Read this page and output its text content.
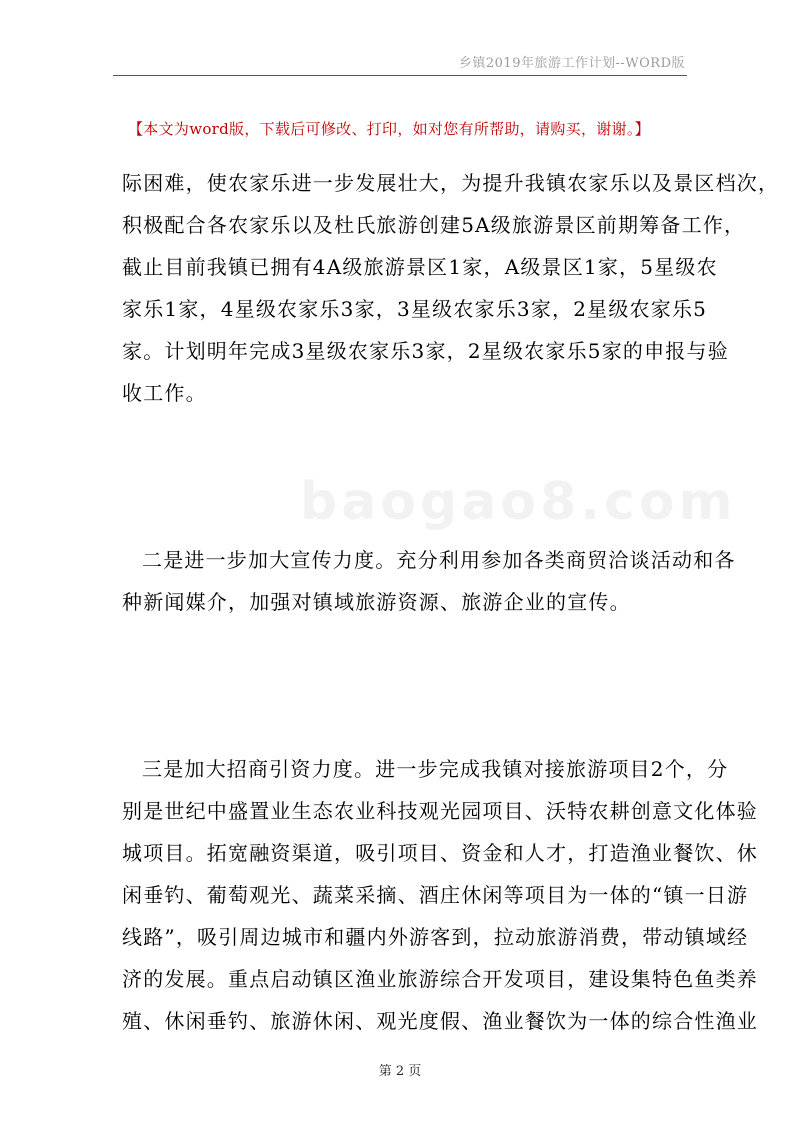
乡镇2019年旅游工作计划--WORD版
【本文为word版，下载后可修改、打印，如对您有所帮助，请购买，谢谢。】
baogao8.com
际困难，使农家乐进一步发展壮大，为提升我镇农家乐以及景区档次，
积极配合各农家乐以及杜氏旅游创建5A级旅游景区前期筹备工作，
截止目前我镇已拥有4A级旅游景区1家，A级景区1家，5星级农
家乐1家，4星级农家乐3家，3星级农家乐3家，2星级农家乐5
家。计划明年完成3星级农家乐3家，2星级农家乐5家的申报与验
收工作。
二是进一步加大宣传力度。充分利用参加各类商贸洽谈活动和各
种新闻媒介，加强对镇域旅游资源、旅游企业的宣传。
三是加大招商引资力度。进一步完成我镇对接旅游项目2个，分
别是世纪中盛置业生态农业科技观光园项目、沃特农耕创意文化体验
城项目。拓宽融资渠道，吸引项目、资金和人才，打造渔业餐饮、休
闲垂钓、葡萄观光、蔬菜采摘、酒庄休闲等项目为一体的“镇一日游
线路”，吸引周边城市和疆内外游客到，拉动旅游消费，带动镇域经
济的发展。重点启动镇区渔业旅游综合开发项目，建设集特色鱼类养
殖、休闲垂钓、旅游休闲、观光度假、渔业餐饮为一体的综合性渔业
第 2 页
